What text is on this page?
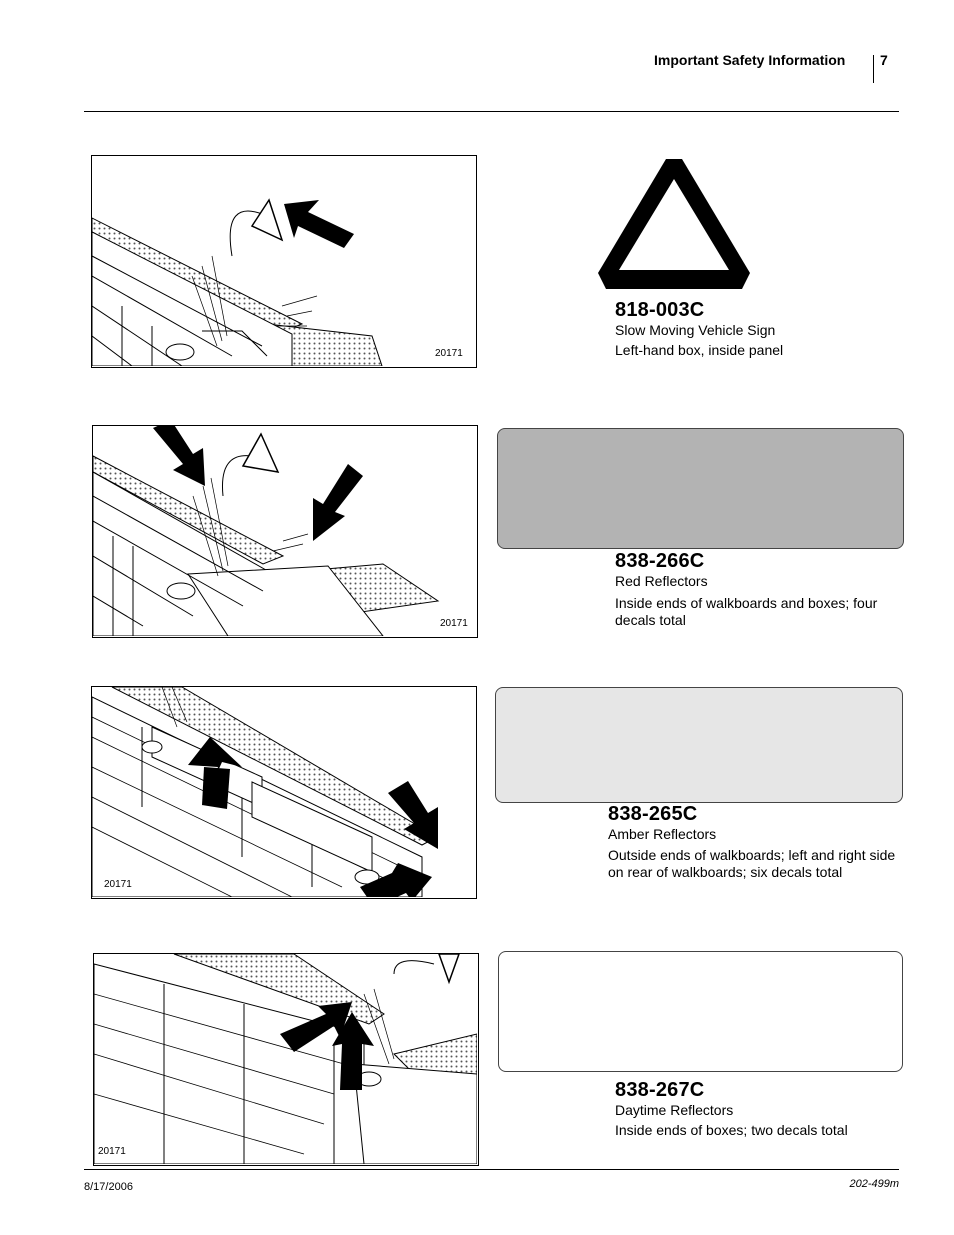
Important Safety Information 7
20171
818-003C
Slow Moving Vehicle Sign
Left-hand box, inside panel
20171
838-266C
Red Reflectors
Inside ends of walkboards and boxes; four decals total
20171
838-265C
Amber Reflectors
Outside ends of walkboards; left and right side on rear of walkboards; six decals total
20171
838-267C
Daytime Reflectors
Inside ends of boxes; two decals total
8/17/2006	202-499m
